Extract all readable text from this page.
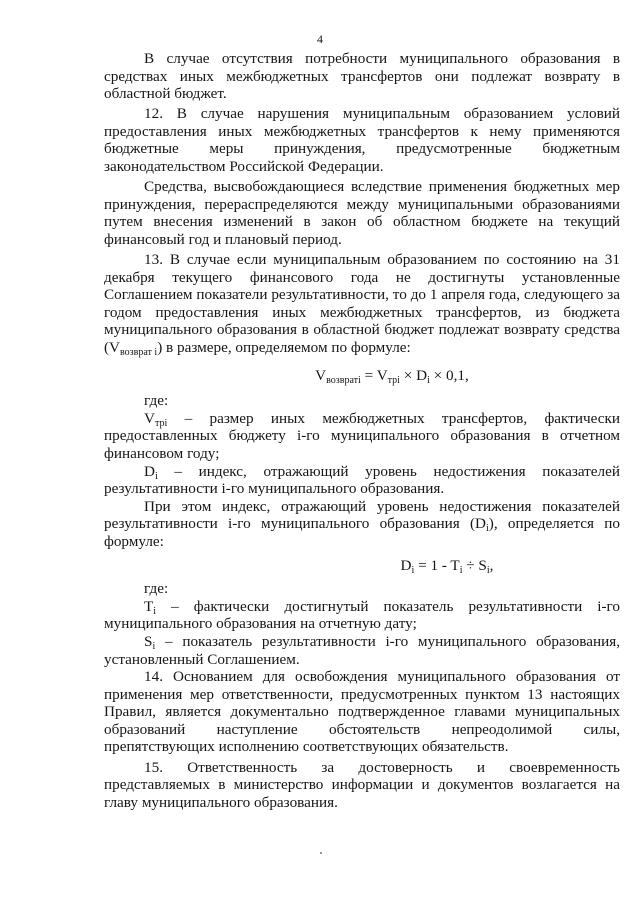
4

В случае отсутствия потребности муниципального образования в средствах иных межбюджетных трансфертов они подлежат возврату в областной бюджет.

12. В случае нарушения муниципальным образованием условий предоставления иных межбюджетных трансфертов к нему применяются бюджетные меры принуждения, предусмотренные бюджетным законодательством Российской Федерации.

Средства, высвобождающиеся вследствие применения бюджетных мер принуждения, перераспределяются между муниципальными образованиями путем внесения изменений в закон об областном бюджете на текущий финансовый год и плановый период.

13. В случае если муниципальным образованием по состоянию на 31 декабря текущего финансового года не достигнуты установленные Соглашением показатели результативности, то до 1 апреля года, следующего за годом предоставления иных межбюджетных трансфертов, из бюджета муниципального образования в областной бюджет подлежат возврату средства $(V_{возврат i})$ в размере, определяемом по формуле:

$V_{возвратi} = V_{трi} \times D_i \times 0,1$,

где:

$V_{трi}$ – размер иных межбюджетных трансфертов, фактически предоставленных бюджету i-го муниципального образования в отчетном финансовом году;

$D_i$ – индекс, отражающий уровень недостижения показателей результативности i-го муниципального образования.

При этом индекс, отражающий уровень недостижения показателей результативности i-го муниципального образования $(D_i)$, определяется по формуле:

$D_i = 1 - T_i \div S_i$,

где:

$T_i$ – фактически достигнутый показатель результативности i-го муниципального образования на отчетную дату;

$S_i$ – показатель результативности i-го муниципального образования, установленный Соглашением.

14. Основанием для освобождения муниципального образования от применения мер ответственности, предусмотренных пунктом 13 настоящих Правил, является документально подтвержденное главами муниципальных образований наступление обстоятельств непреодолимой силы, препятствующих исполнению соответствующих обязательств.

15. Ответственность за достоверность и своевременность представляемых в министерство информации и документов возлагается на главу муниципального образования.
